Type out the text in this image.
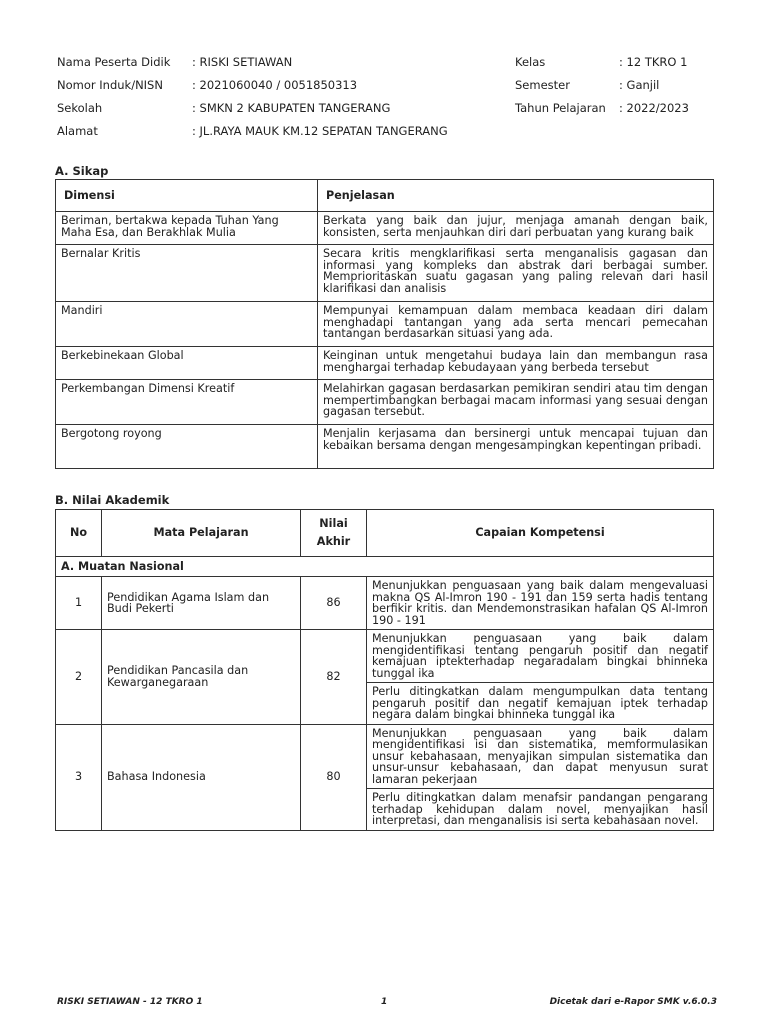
Nama Peserta Didik : RISKI SETIAWAN	Kelas	: 12 TKRO 1
Nomor Induk/NISN	: 2021060040 / 0051850313	Semester	: Ganjil
Sekolah	: SMKN 2 KABUPATEN TANGERANG	Tahun Pelajaran : 2022/2023
Alamat	: JL.RAYA MAUK KM.12 SEPATAN TANGERANG
A. Sikap
Dimensi	Penjelasan
Beriman, bertakwa kepada Tuhan Yang Maha Esa, dan Berakhlak Mulia	Berkata yang baik dan jujur, menjaga amanah dengan baik, konsisten, serta menjauhkan diri dari perbuatan yang kurang baik
Bernalar Kritis	Secara kritis mengklarifikasi serta menganalisis gagasan dan informasi yang kompleks dan abstrak dari berbagai sumber. Memprioritaskan suatu gagasan yang paling relevan dari hasil klarifikasi dan analisis
Mandiri	Mempunyai kemampuan dalam membaca keadaan diri dalam menghadapi tantangan yang ada serta mencari pemecahan tantangan berdasarkan situasi yang ada.
Berkebinekaan Global	Keinginan untuk mengetahui budaya lain dan membangun rasa menghargai terhadap kebudayaan yang berbeda tersebut
Perkembangan Dimensi Kreatif	Melahirkan gagasan berdasarkan pemikiran sendiri atau tim dengan mempertimbangkan berbagai macam informasi yang sesuai dengan gagasan tersebut.
Bergotong royong	Menjalin kerjasama dan bersinergi untuk mencapai tujuan dan kebaikan bersama dengan mengesampingkan kepentingan pribadi.
B. Nilai Akademik
No	Mata Pelajaran	Nilai Akhir	Capaian Kompetensi
A. Muatan Nasional			
1	Pendidikan Agama Islam dan Budi Pekerti	86	Menunjukkan penguasaan yang baik dalam mengevaluasi makna QS Al-Imron 190 - 191 dan 159 serta hadis tentang berfikir kritis. dan Mendemonstrasikan hafalan QS Al-Imron 190 - 191
2	Pendidikan Pancasila dan Kewarganegaraan	82	Menunjukkan penguasaan yang baik dalam mengidentifikasi tentang pengaruh positif dan negatif kemajuan iptekterhadap negaradalam bingkai bhinneka tunggal ika
			Perlu ditingkatkan dalam mengumpulkan data tentang pengaruh positif dan negatif kemajuan iptek terhadap negara dalam bingkai bhinneka tunggal ika
3	Bahasa Indonesia	80	Menunjukkan penguasaan yang baik dalam mengidentifikasi isi dan sistematika, memformulasikan unsur kebahasaan, menyajikan simpulan sistematika dan unsur-unsur kebahasaan, dan dapat menyusun surat lamaran pekerjaan
			Perlu ditingkatkan dalam menafsir pandangan pengarang terhadap kehidupan dalam novel, menyajikan hasil interpretasi, dan menganalisis isi serta kebahasaan novel.
RISKI SETIAWAN - 12 TKRO 1	1	Dicetak dari e-Rapor SMK v.6.0.3
